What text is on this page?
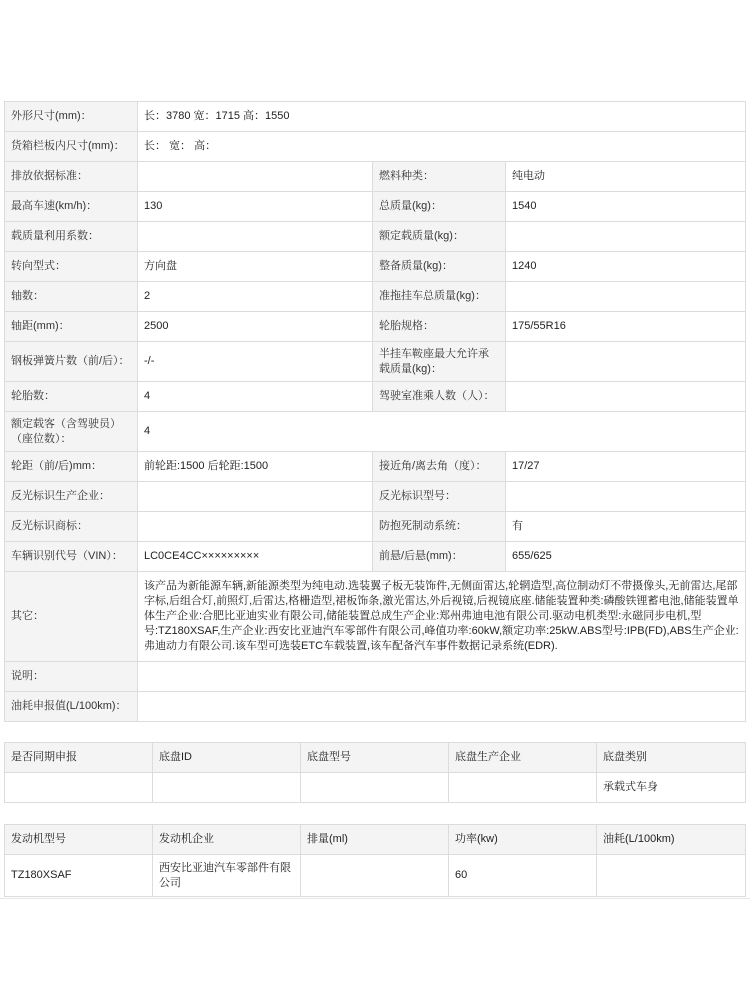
外形尺寸(mm)：	长：3780 宽：1715 高：1550		
货箱栏板内尺寸(mm)：	长： 宽： 高：		
排放依据标准：		燃料种类：	纯电动
最高车速(km/h)：	130	总质量(kg)：	1540
载质量利用系数：		额定载质量(kg)：	
转向型式：	方向盘	整备质量(kg)：	1240
轴数：	2	准拖挂车总质量(kg)：	
轴距(mm)：	2500	轮胎规格：	175/55R16
钢板弹簧片数（前/后）：	-/-	半挂车鞍座最大允许承载质量(kg)：	
轮胎数：	4	驾驶室准乘人数（人）：	
额定载客（含驾驶员）（座位数）：	4		
轮距（前/后)mm：	前轮距:1500 后轮距:1500	接近角/离去角（度）：	17/27
反光标识生产企业：		反光标识型号：	
反光标识商标：		防抱死制动系统：	有
车辆识别代号（VIN）：	LC0CE4CC×××××××××	前悬/后悬(mm)：	655/625
其它：	该产品为新能源车辆,新能源类型为纯电动.选装翼子板无装饰件,无侧面雷达,轮辋造型,高位制动灯不带摄像头,无前雷达,尾部字标,后组合灯,前照灯,后雷达,格栅造型,裙板饰条,激光雷达,外后视镜,后视镜底座.储能装置种类:磷酸铁锂蓄电池,储能装置单体生产企业:合肥比亚迪实业有限公司,储能装置总成生产企业:郑州弗迪电池有限公司.驱动电机类型:永磁同步电机,型号:TZ180XSAF,生产企业:西安比亚迪汽车零部件有限公司,峰值功率:60kW,额定功率:25kW.ABS型号:IPB(FD),ABS生产企业:弗迪动力有限公司.该车型可选装ETC车载装置,该车配备汽车事件数据记录系统(EDR).		
说明：			
油耗申报值(L/100km)：			
是否同期申报	底盘ID	底盘型号	底盘生产企业	底盘类别
				承载式车身
发动机型号	发动机企业	排量(ml)	功率(kw)	油耗(L/100km)
TZ180XSAF	西安比亚迪汽车零部件有限公司		60	
